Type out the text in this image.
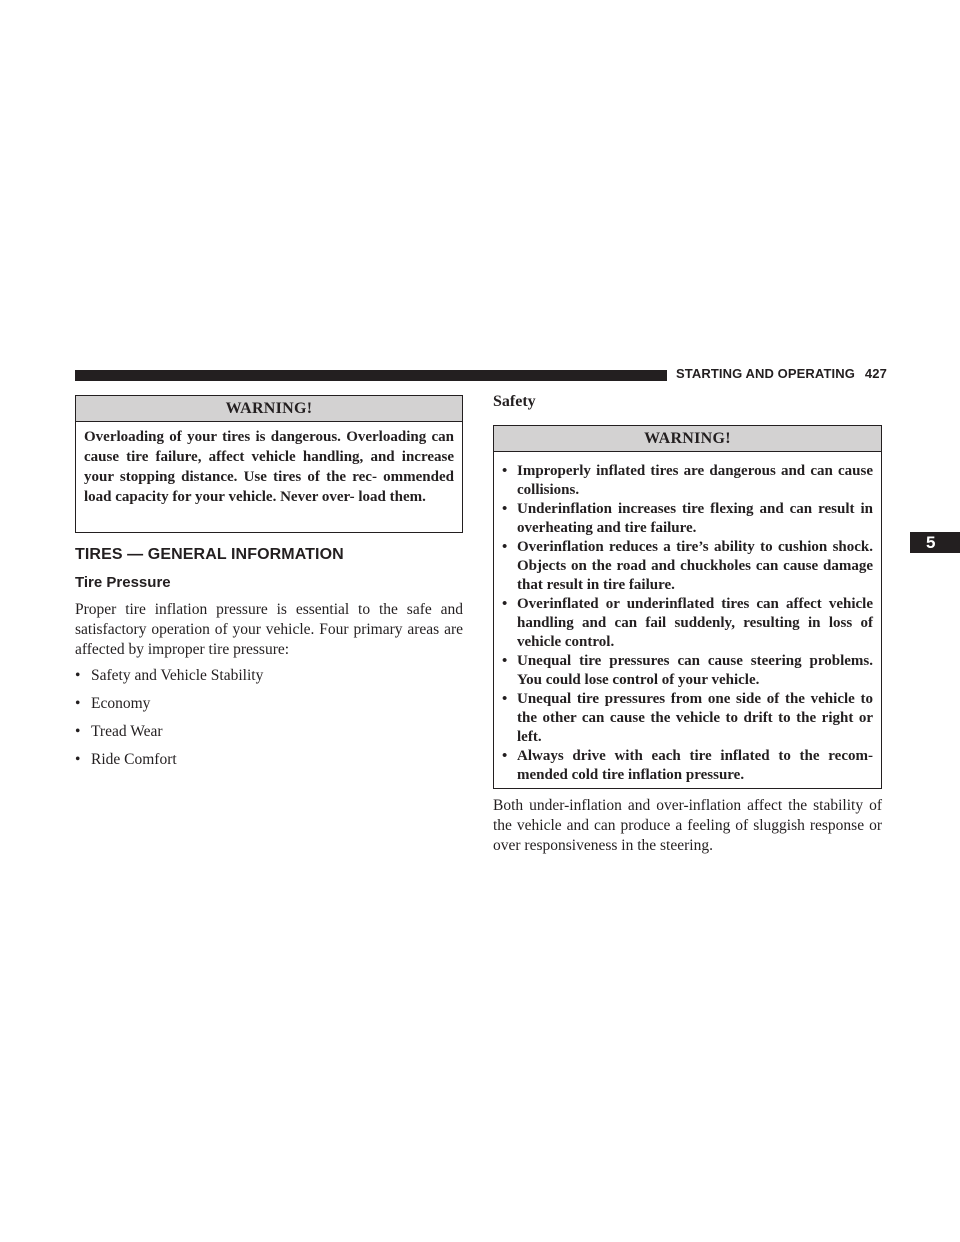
STARTING AND OPERATING 427
5
WARNING!
Overloading of your tires is dangerous. Overloading can cause tire failure, affect vehicle handling, and increase your stopping distance. Use tires of the rec- ommended load capacity for your vehicle. Never over- load them.
TIRES — GENERAL INFORMATION
Tire Pressure
Proper tire inflation pressure is essential to the safe and satisfactory operation of your vehicle. Four primary areas are affected by improper tire pressure:
• Safety and Vehicle Stability
• Economy
• Tread Wear
• Ride Comfort
Safety
WARNING!
• Improperly inflated tires are dangerous and can cause collisions.
• Underinflation increases tire flexing and can result in overheating and tire failure.
• Overinflation reduces a tire’s ability to cushion shock. Objects on the road and chuckholes can cause damage that result in tire failure.
• Overinflated or underinflated tires can affect vehicle handling and can fail suddenly, resulting in loss of vehicle control.
• Unequal tire pressures can cause steering problems. You could lose control of your vehicle.
• Unequal tire pressures from one side of the vehicle to the other can cause the vehicle to drift to the right or left.
• Always drive with each tire inflated to the recom- mended cold tire inflation pressure.
Both under-inflation and over-inflation affect the stability of the vehicle and can produce a feeling of sluggish response or over responsiveness in the steering.
